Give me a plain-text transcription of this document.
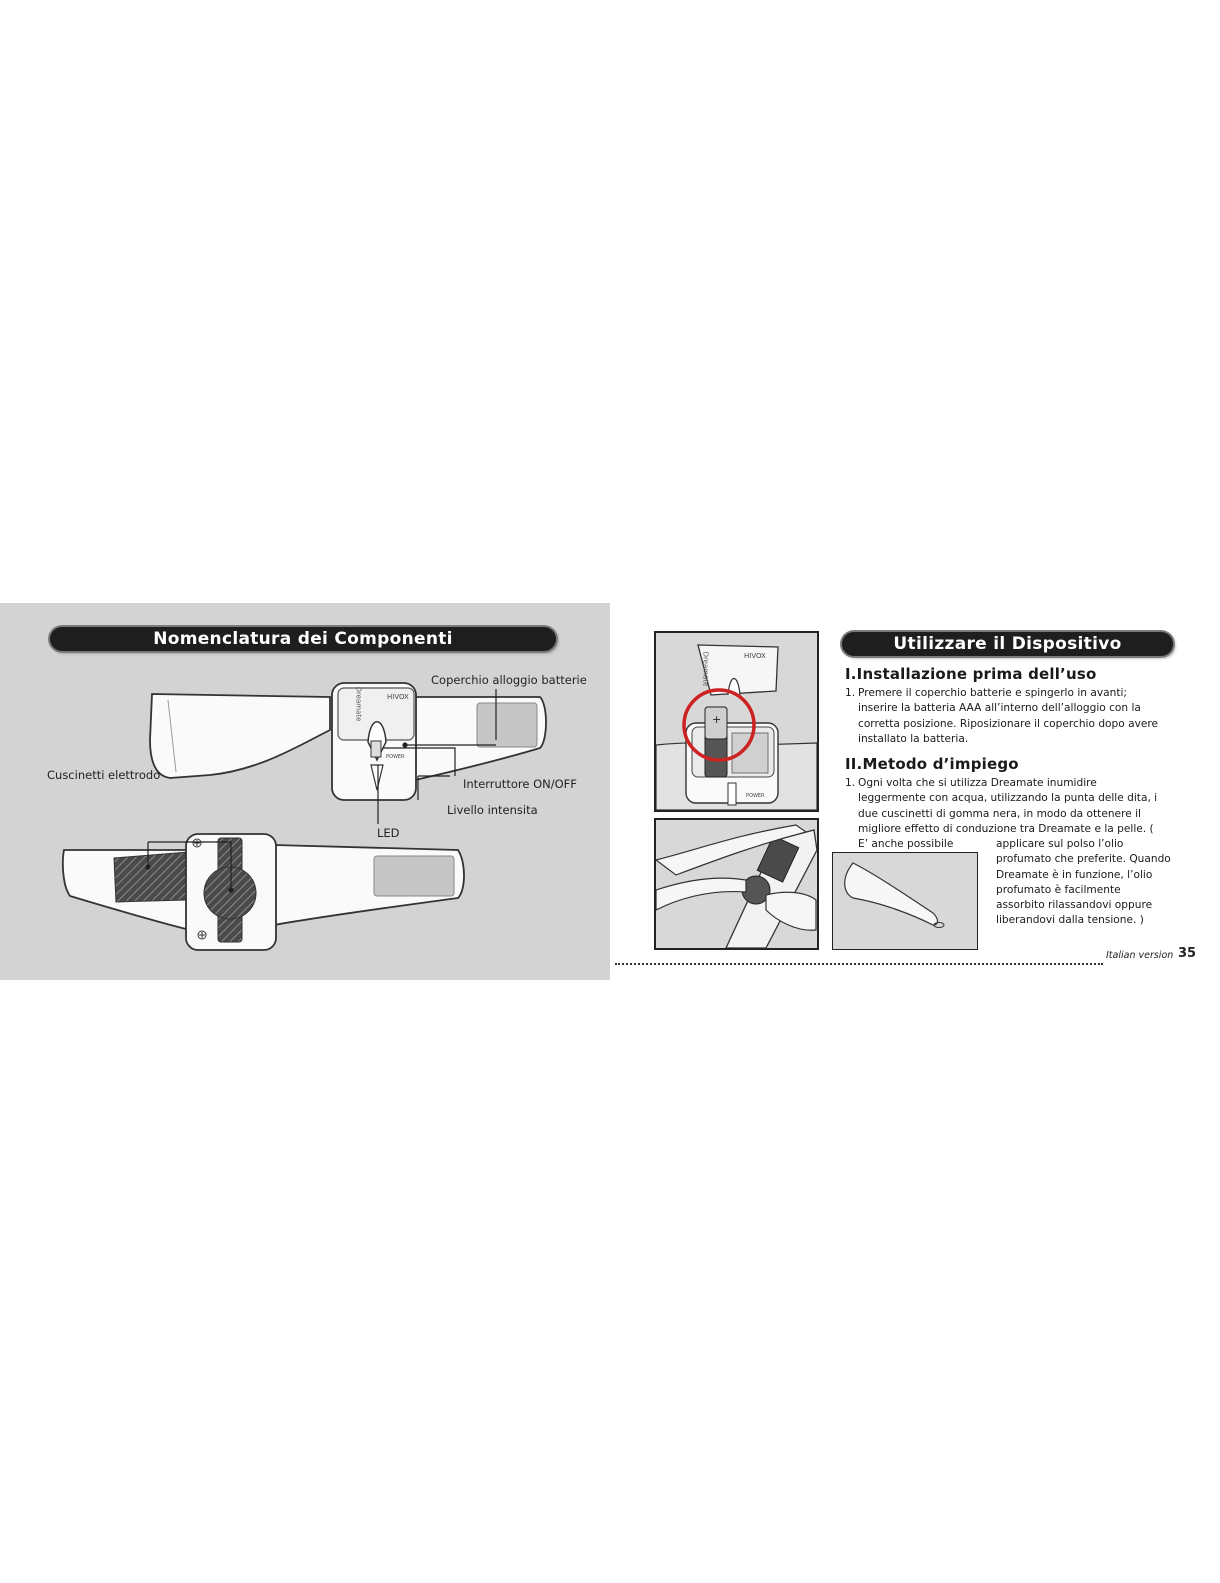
Nomenclatura dei Componenti
HIVOX
Dreamate
POWER
Coperchio alloggio batterie
Cuscinetti elettrodo
Interruttore ON/OFF
Livello intensita
LED
+
HIVOX
Dreamate
POWER
Utilizzare il Dispositivo
I.Installazione prima dell’uso
1. Premere il coperchio batterie e spingerlo in avanti; inserire la batteria AAA all’interno dell’alloggio con la corretta posizione. Riposizionare il coperchio dopo avere installato la batteria.
II.Metodo d’impiego
1. Ogni volta che si utilizza Dreamate inumidire leggermente con acqua, utilizzando la punta delle dita, i due cuscinetti di gomma nera, in modo da ottenere il migliore effetto di conduzione tra Dreamate e la pelle. ( E’ anche possibile	applicare sul polso l’olio profumato che preferite. Quando Dreamate è in funzione, l’olio profumato è facilmente assorbito rilassandovi oppure liberandovi dalla tensione. )
Italian version 35
